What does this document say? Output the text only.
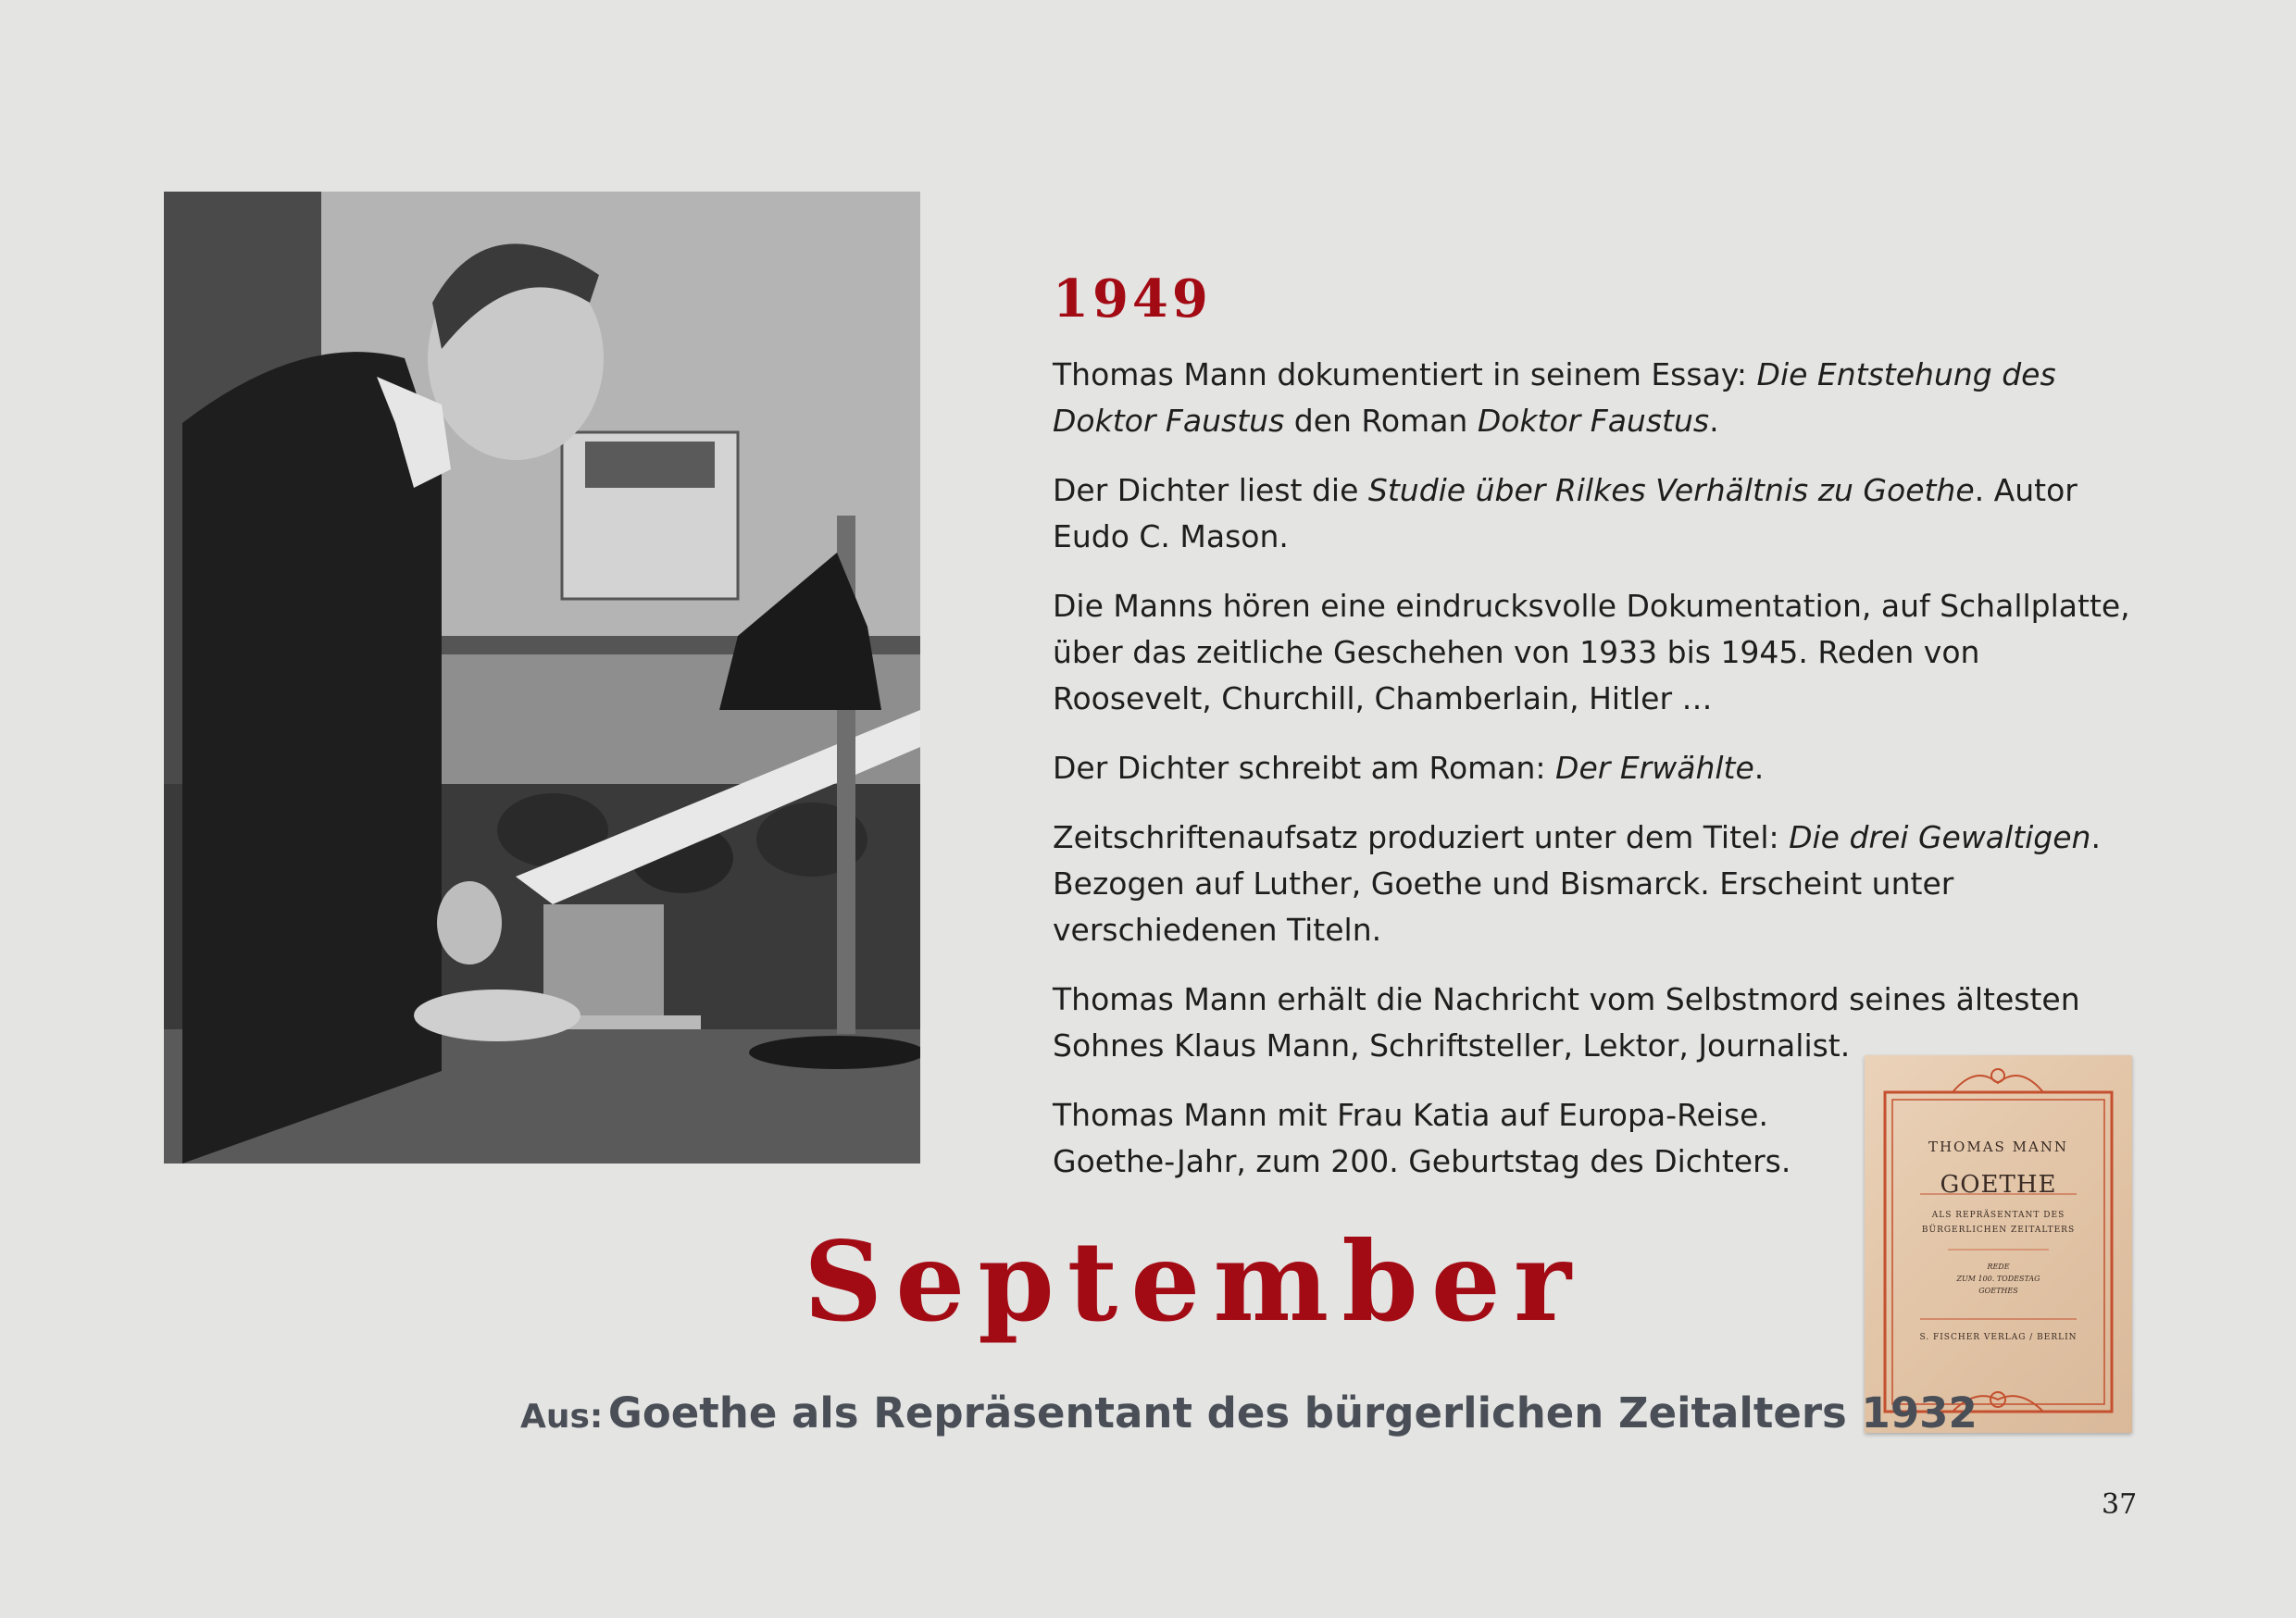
1949

Thomas Mann dokumentiert in seinem Essay: Die Entstehung des Doktor Faustus den Roman Doktor Faustus.

Der Dichter liest die Studie über Rilkes Verhältnis zu Goethe. Autor Eudo C. Mason.

Die Manns hören eine eindrucksvolle Dokumentation, auf Schallplatte, über das zeitliche Geschehen von 1933 bis 1945. Reden von Roosevelt, Churchill, Chamberlain, Hitler …

Der Dichter schreibt am Roman: Der Erwählte.

Zeitschriftenaufsatz produziert unter dem Titel: Die drei Gewaltigen. Bezogen auf Luther, Goethe und Bismarck. Erscheint unter verschiedenen Titeln.

Thomas Mann erhält die Nachricht vom Selbstmord seines ältesten Sohnes Klaus Mann, Schriftsteller, Lektor, Journalist.

Thomas Mann mit Frau Katia auf Europa-Reise. Goethe-Jahr, zum 200. Geburtstag des Dichters.	THOMAS MANN
GOETHE
ALS REPRÄSENTANT DES
BÜRGERLICHEN ZEITALTERS
REDE
ZUM 100. TODESTAG
GOETHES
S. FISCHER VERLAG / BERLIN
September
Aus: Goethe als Repräsentant des bürgerlichen Zeitalters 1932
37
